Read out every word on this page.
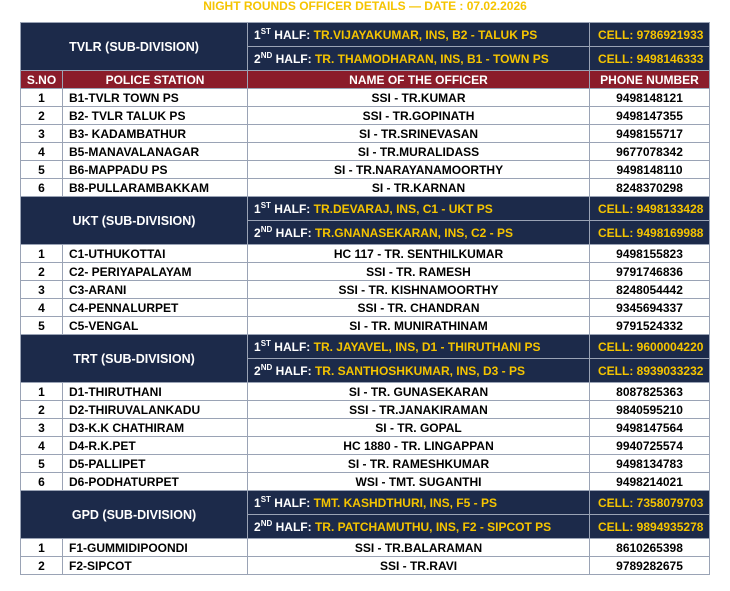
NIGHT ROUNDS OFFICER DETAILS — DATE : 07.02.2026
TVLR (SUB-DIVISION)		1ST HALF: TR.VIJAYAKUMAR, INS, B2 - TALUK PS	CELL: 9786921933
		2ND HALF: TR. THAMODHARAN, INS, B1 - TOWN PS	CELL: 9498146333
S.NO	POLICE STATION	NAME OF THE OFFICER	PHONE NUMBER
1	B1-TVLR TOWN PS	SSI - TR.KUMAR	9498148121
2	B2- TVLR TALUK PS	SSI - TR.GOPINATH	9498147355
3	B3- KADAMBATHUR	SI - TR.SRINEVASAN	9498155717
4	B5-MANAVALANAGAR	SI - TR.MURALIDASS	9677078342
5	B6-MAPPADU PS	SI - TR.NARAYANAMOORTHY	9498148110
6	B8-PULLARAMBAKKAM	SI - TR.KARNAN	8248370298
UKT (SUB-DIVISION)		1ST HALF: TR.DEVARAJ, INS, C1 - UKT PS	CELL: 9498133428
		2ND HALF: TR.GNANASEKARAN, INS, C2 - PS	CELL: 9498169988
1	C1-UTHUKOTTAI	HC 117 - TR. SENTHILKUMAR	9498155823
2	C2- PERIYAPALAYAM	SSI - TR. RAMESH	9791746836
3	C3-ARANI	SSI - TR. KISHNAMOORTHY	8248054442
4	C4-PENNALURPET	SSI - TR. CHANDRAN	9345694337
5	C5-VENGAL	SI - TR. MUNIRATHINAM	9791524332
TRT (SUB-DIVISION)		1ST HALF: TR. JAYAVEL, INS, D1 - THIRUTHANI PS	CELL: 9600004220
		2ND HALF: TR. SANTHOSHKUMAR, INS, D3 - PS	CELL: 8939033232
1	D1-THIRUTHANI	SI - TR. GUNASEKARAN	8087825363
2	D2-THIRUVALANKADU	SSI - TR.JANAKIRAMAN	9840595210
3	D3-K.K CHATHIRAM	SI - TR. GOPAL	9498147564
4	D4-R.K.PET	HC 1880 - TR. LINGAPPAN	9940725574
5	D5-PALLIPET	SI - TR. RAMESHKUMAR	9498134783
6	D6-PODHATURPET	WSI - TMT. SUGANTHI	9498214021
GPD (SUB-DIVISION)		1ST HALF: TMT. KASHDTHURI, INS, F5 - PS	CELL: 7358079703
		2ND HALF: TR. PATCHAMUTHU, INS, F2 - SIPCOT PS	CELL: 9894935278
1	F1-GUMMIDIPOONDI	SSI - TR.BALARAMAN	8610265398
2	F2-SIPCOT	SSI - TR.RAVI	9789282675
